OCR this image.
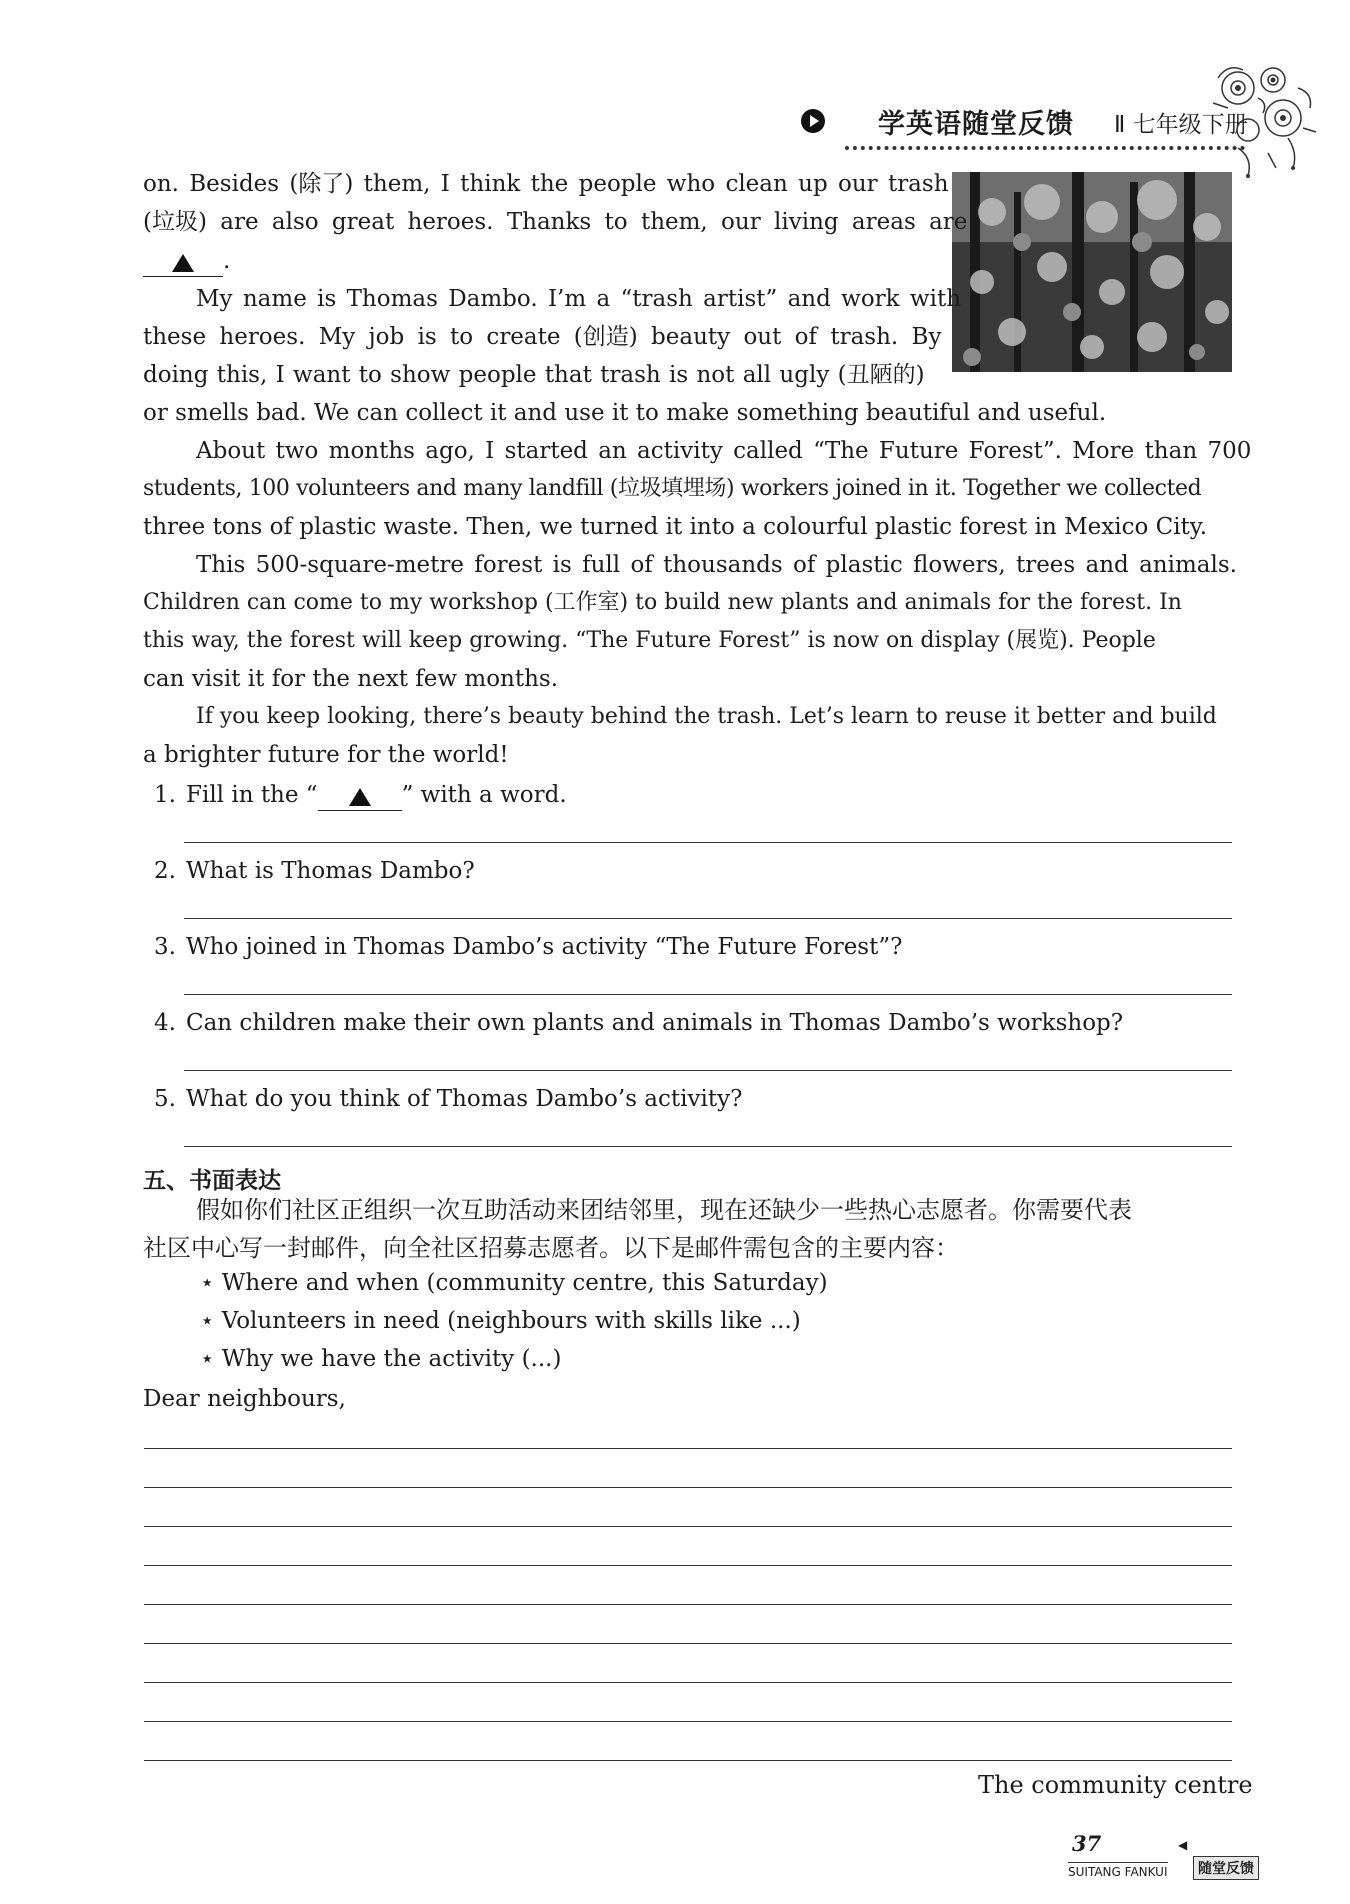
学英语随堂反馈 Ⅱ 七年级下册
on. Besides (除了) them, I think the people who clean up our trash
(垃圾) are also great heroes. Thanks to them, our living areas are
.
My name is Thomas Dambo. I’m a “trash artist” and work with
these heroes. My job is to create (创造) beauty out of trash. By
doing this, I want to show people that trash is not all ugly (丑陋的)
or smells bad. We can collect it and use it to make something beautiful and useful.
About two months ago, I started an activity called “The Future Forest”. More than 700
students, 100 volunteers and many landfill (垃圾填埋场) workers joined in it. Together we collected
three tons of plastic waste. Then, we turned it into a colourful plastic forest in Mexico City.
This 500-square-metre forest is full of thousands of plastic flowers, trees and animals.
Children can come to my workshop (工作室) to build new plants and animals for the forest. In
this way, the forest will keep growing. “The Future Forest” is now on display (展览). People
can visit it for the next few months.
If you keep looking, there’s beauty behind the trash. Let’s learn to reuse it better and build
a brighter future for the world!
1. Fill in the “	” with a word.
2. What is Thomas Dambo?
3. Who joined in Thomas Dambo’s activity “The Future Forest”?
4. Can children make their own plants and animals in Thomas Dambo’s workshop?
5. What do you think of Thomas Dambo’s activity?
五、书面表达
假如你们社区正组织一次互助活动来团结邻里，现在还缺少一些热心志愿者。你需要代表
社区中心写一封邮件，向全社区招募志愿者。以下是邮件需包含的主要内容：
⋆ Where and when (community centre, this Saturday)
⋆ Volunteers in need (neighbours with skills like ...)
⋆ Why we have the activity (...)
Dear neighbours,
The community centre
37	◀
SUITANG FANKUI	随堂反馈
